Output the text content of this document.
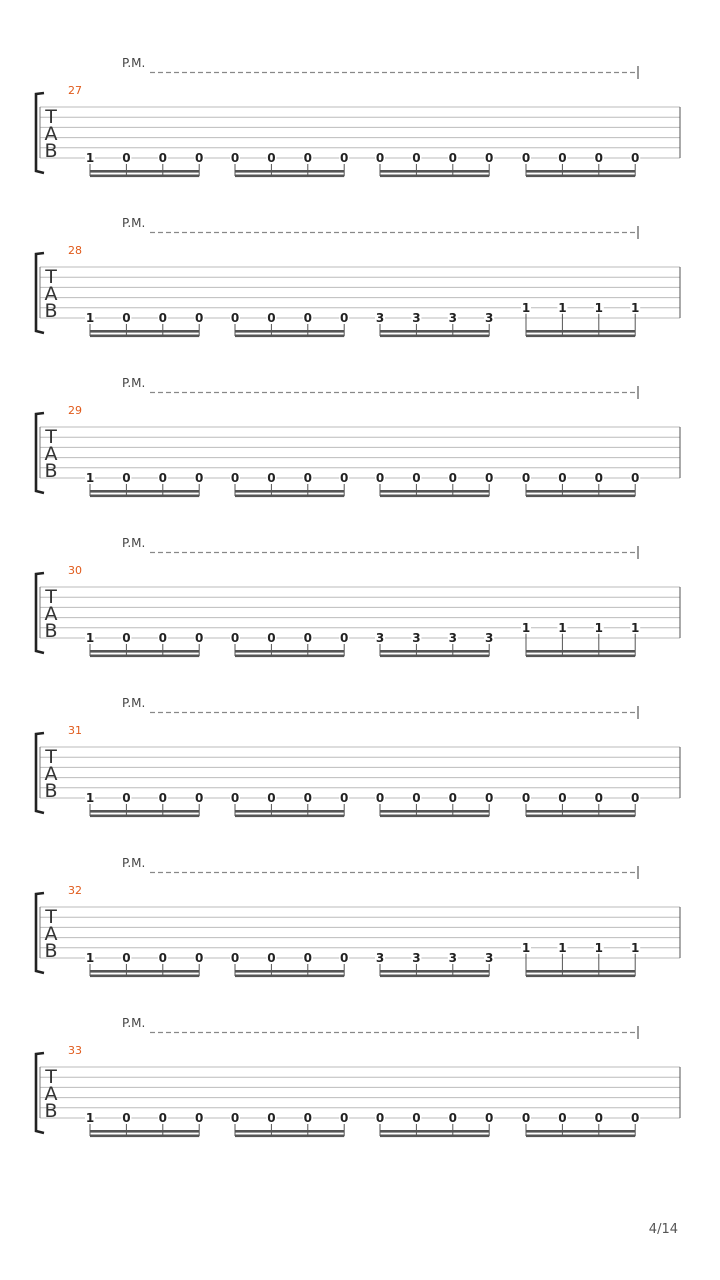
P.M.
27
T
A
B 1 0 0 0 0 0 0 0 0 0 0 0 0 0 0 0
P.M.
28
T
A
B 1 0 0 0 0 0 0 0 3 3 3 3
1 1 1 1
P.M.
29
T
A
B 1 0 0 0 0 0 0 0 0 0 0 0 0 0 0 0
P.M.
30
T
A
B 1 0 0 0 0 0 0 0 3 3 3 3
1 1 1 1
P.M.
31
T
A
B 1 0 0 0 0 0 0 0 0 0 0 0 0 0 0 0
P.M.
32
T
A
B 1 0 0 0 0 0 0 0 3 3 3 3
1 1 1 1
P.M.
33
T
A
B 1 0 0 0 0 0 0 0 0 0 0 0 0 0 0 0
4/14
